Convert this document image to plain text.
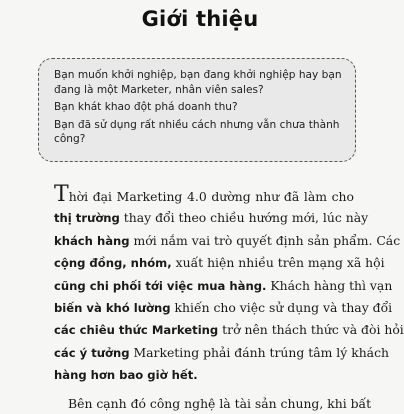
Giới thiệu

Bạn muốn khởi nghiệp, bạn đang khởi nghiệp hay bạn đang là một Marketer, nhân viên sales?

Bạn khát khao đột phá doanh thu?

Bạn đã sử dụng rất nhiều cách nhưng vẫn chưa thành công?

Thời đại Marketing 4.0 dường như đã làm cho
thị trường thay đổi theo chiều hướng mới, lúc này
khách hàng mới nắm vai trò quyết định sản phẩm. Các
cộng đồng, nhóm, xuất hiện nhiều trên mạng xã hội
cũng chi phối tới việc mua hàng. Khách hàng thì vạn
biến và khó lường khiến cho việc sử dụng và thay đổi
các chiêu thức Marketing trở nên thách thức và đòi hỏi
các ý tưởng Marketing phải đánh trúng tâm lý khách
hàng hơn bao giờ hết.
Bên cạnh đó công nghệ là tài sản chung, khi bất
